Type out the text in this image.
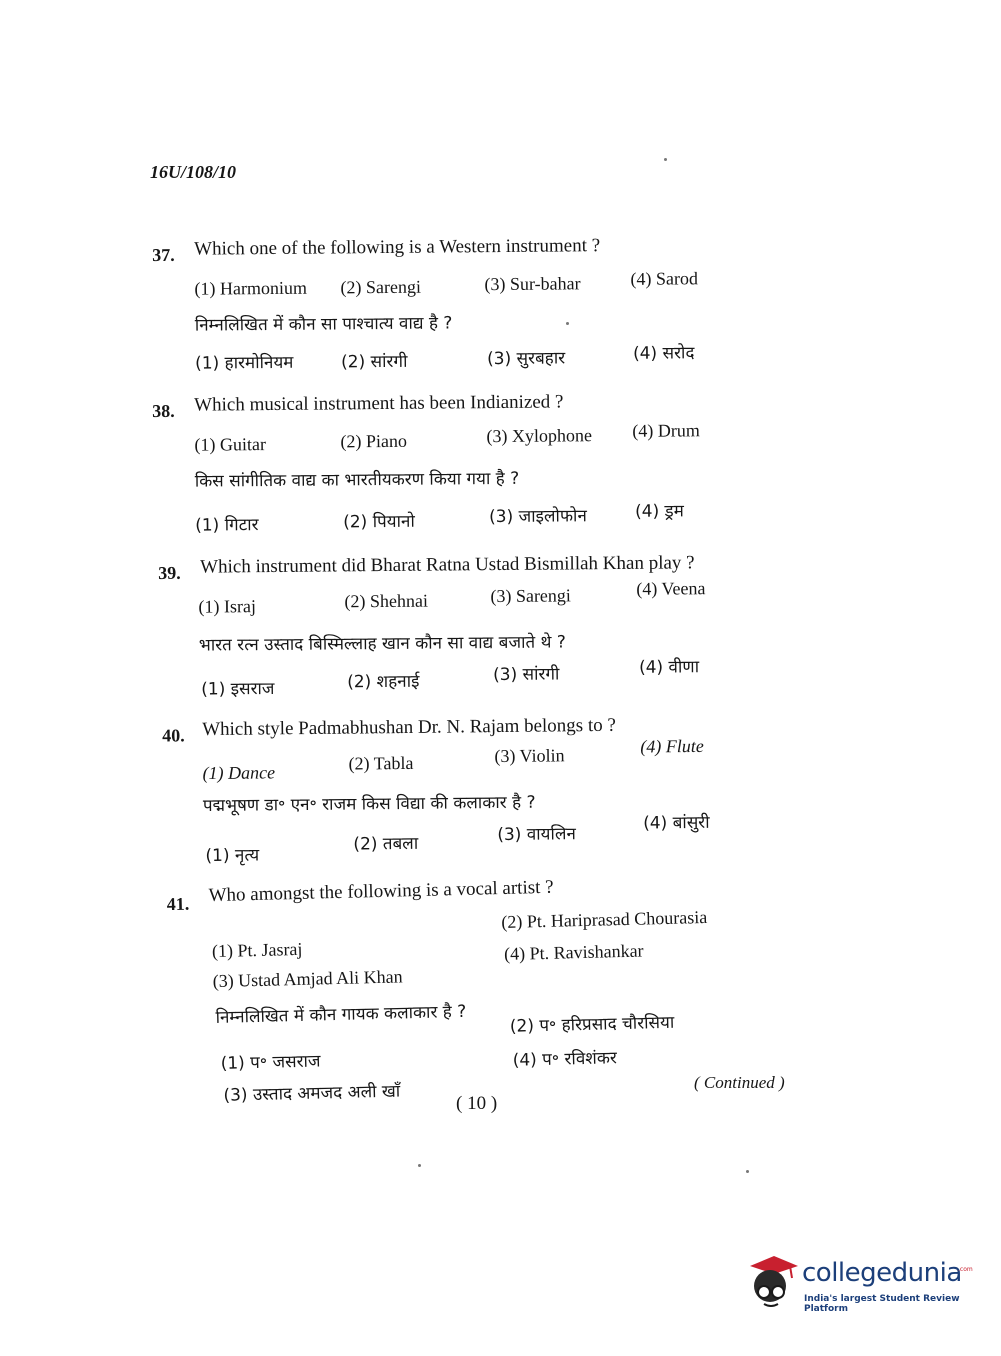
16U/108/10
37. Which one of the following is a Western instrument ?
(1) Harmonium (2) Sarengi	(3) Sur-bahar	(4) Sarod
निम्नलिखित में कौन सा पाश्चात्य वाद्य है ?
(1) हारमोनियम	(2) सांरगी	(3) सुरबहार	(4) सरोद
38. Which musical instrument has been Indianized ?
(1) Guitar	(2) Piano	(3) Xylophone (4) Drum
किस सांगीतिक वाद्य का भारतीयकरण किया गया है ?
(1) गिटार	(2) पियानो	(3) जाइलोफोन	(4) ड्रम
39. Which instrument did Bharat Ratna Ustad Bismillah Khan play ?
(1) Israj	(2) Shehnai	(3) Sarengi	(4) Veena
भारत रत्न उस्ताद बिस्मिल्लाह खान कौन सा वाद्य बजाते थे ?
(1) इसराज	(2) शहनाई	(3) सांरगी	(4) वीणा
40. Which style Padmabhushan Dr. N. Rajam belongs to ?
(1) Dance	(2) Tabla	(3) Violin	(4) Flute
पद्मभूषण डा॰ एन॰ राजम किस विद्या की कलाकार है ?
(1) नृत्य
(2) तबला	(3) वायलिन
(4) बांसुरी
41. Who amongst the following is a vocal artist ?
(1) Pt. Jasraj
(2) Pt. Hariprasad Chourasia
(3) Ustad Amjad Ali Khan
(4) Pt. Ravishankar
निम्नलिखित में कौन गायक कलाकार है ?
(1) प॰ जसराज
(2) प॰ हरिप्रसाद चौरसिया
(3) उस्ताद अमजद अली खाँ
(4) प॰ रविशंकर
( Continued )
( 10 )
collegedunia
.com
India's largest Student Review Platform
